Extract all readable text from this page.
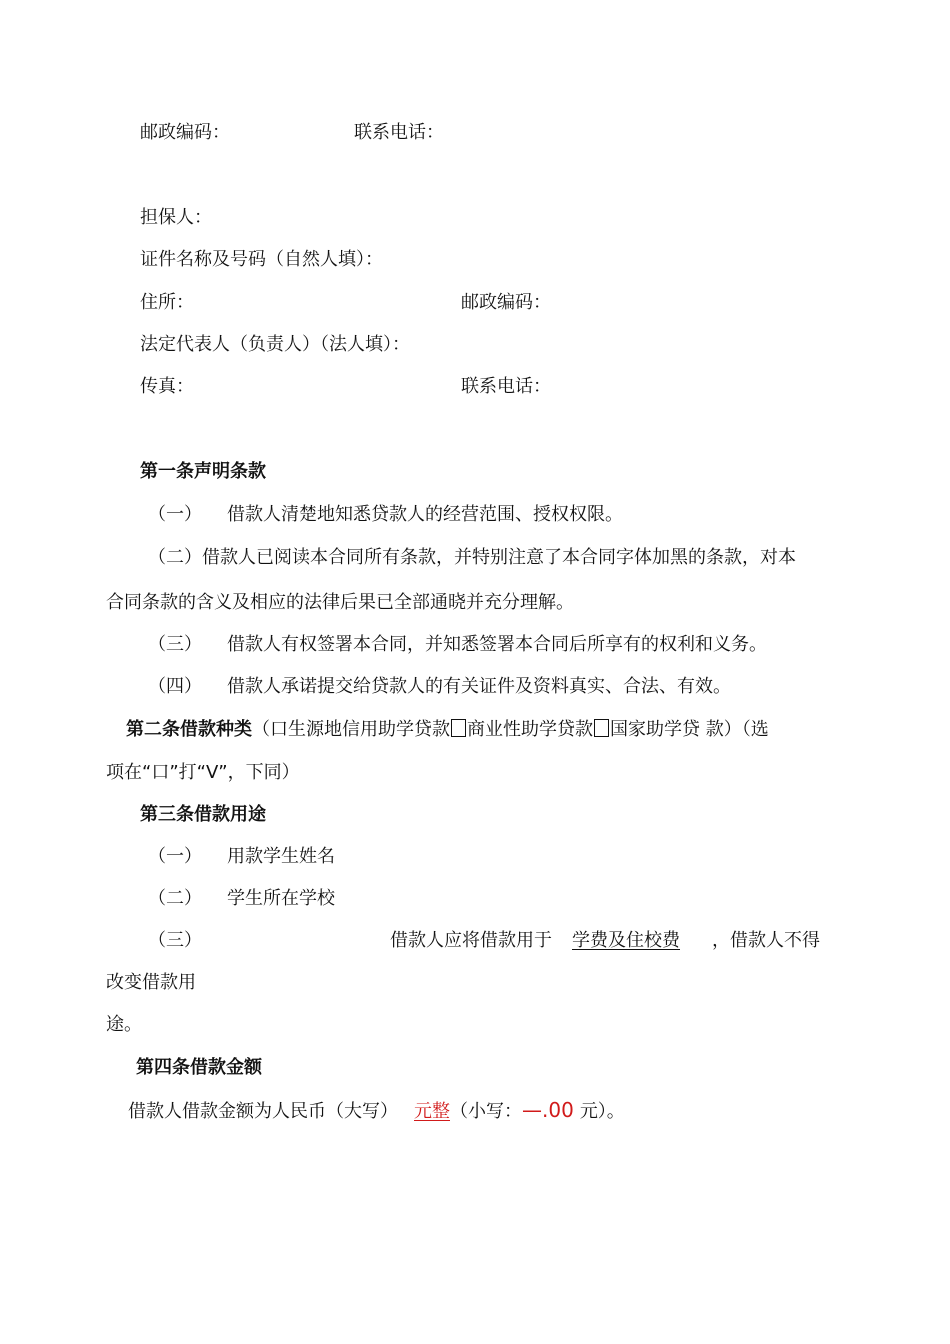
邮政编码：	联系电话：
担保人：
证件名称及号码（自然人填）：
住所：	邮政编码：
法定代表人（负责人）（法人填）：
传真：	联系电话：
第一条声明条款
（一） 借款人清楚地知悉贷款人的经营范围、授权权限。
（二）借款人已阅读本合同所有条款，并特别注意了本合同字体加黑的条款，对本
合同条款的含义及相应的法律后果已全部通晓并充分理解。
（三） 借款人有权签署本合同，并知悉签署本合同后所享有的权利和义务。
（四） 借款人承诺提交给贷款人的有关证件及资料真实、合法、有效。
第二条借款种类（口生源地信用助学贷款 商业性助学贷款 国家助学贷 款）（选
项在“口”打“V”，下同）
第三条借款用途
（一） 用款学生姓名
（二） 学生所在学校
（三）	借款人应将借款用于 学费及住校费 ，借款人不得
改变借款用
途。
第四条借款金额
借款人借款金额为人民币（大写） 元整（小写：—.00 元）。
